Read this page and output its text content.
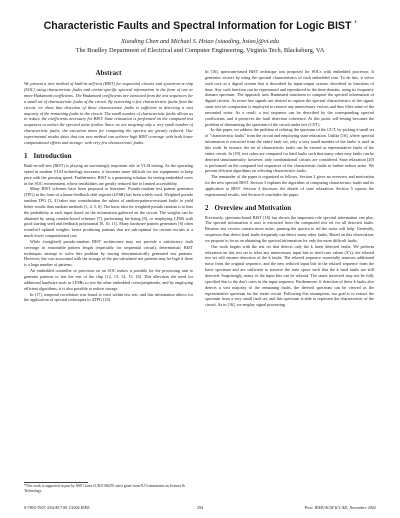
Characteristic Faults and Spectral Information for Logic BIST *
Xiaoding Chen and Michael S. Hsiao {xiaoding, hsiao}@vt.edu
The Bradley Department of Electrical and Computer Engineering, Virginia Tech, Blacksburg, VA
Abstract

We present a new method of built-in-self-test (BIST) for sequential circuits and system-on-a-chip (SOC) using characteristic faults and circuit-specific spectral information in the form of one or more Hadamard coefficients. The Hadamard coefficients are extracted from the test sequences for a small set of characteristic faults of the circuit. By extracting a few characteristic faults from the circuit, we show that detection of these characteristic faults is sufficient in detecting a vast majority of the remaining faults in the circuit. The small number of characteristic faults allows us to reduce the coefficients necessary for BIST. State relaxation is performed on the computed test sequences to reduce the spectral noise further. Since we are targeting only a very small number of characteristic faults, the execution times for computing the spectra are greatly reduced. Our experimental results show that our new method can achieve high BIST coverage with both lower computational efforts and storage, with very few characteristic faults.

1 Introduction

Built-in-self-test (BIST) is playing an increasingly important role in VLSI testing. As the operating speed in modern VLSI technology increases, it becomes more difficult for test equipments to keep pace with the growing speed. Furthermore, BIST is a promising solution for testing embedded cores in the SOC environment, whose testabilities are greatly reduced due to limited accessibility.

Many BIST schemes have been proposed in literature. Pseudo-random test pattern generator (TPG) in the form of a linear-feedback shift register (LFSR) has been widely used. Weighted pseudo random TPG [3, 4] takes into consideration the subset of random-pattern-resistant faults to yield better results than random methods [1, 4, 5, 6]. The basic idea for weighted pseudo random is to bias the probability at each input based on the information gathered on the circuit. The weights can be obtained by using counter-based schemes [7], performing bit-fixing [8], or employing LFSR with good starting seed and feedback polynomial [8, 10, 11]. Many hardware pattern generators [6] often round-off optimal weights, hence producing patterns that are sub-optimal for certain circuits at a much lower computational cost.

While (weighted) pseudo-random BIST architecture may not provide a satisfactory fault coverage in reasonable pattern length (especially for sequential circuit), deterministic BIST techniques attempt to solve this problem by storing deterministically generated test patterns. However, the cost associated with the storage of the pre-calculated test patterns may be high if there is a large number of patterns.

An embedded controller or processor on an SOC makes it possible for the processing unit to generate patterns to test the rest of the chip [12, 13, 14, 15, 16]. This alleviates the need for additional hardware such as LFSRs to test the other embedded cores/peripherals, and by employing efficient algorithms, it is also possible to reduce storage.

In [17], temporal correlation was found to exist within test sets, and this information allows for the application of spectral techniques to ATPG [18].

In [16], spectrum-based BIST technique was proposed for SOCs with embedded processor. It generates vectors by using the spectral characteristics of each embedded core. To do this, it views each core as a digital system that is described by input-output system, described as functions of time. Any such function can be represented and reproduced in the time-domain, using its frequency domain spectrum. The approach uses Hadamard transform to compute the spectral information of digital circuits. As noise-free signals are desired to capture the spectral characteristics of the signal, static test set compaction is employed to remove any unnecessary vectors and thus filter some of the unwanted noise. As a result, a test sequence can be described by the corresponding spectral coefficients, and it preserves the fault detection coherence. At this point, self-testing becomes the problem of determining the spectrum of the circuit under test (CUT).

In this paper, we address the problem of refining the spectrum of the CUT, by picking a small set of "characteristic faults" from the circuit and employing state relaxation. Unlike [16], where spectral information is extracted from the entire fault set, only a very small number of the faults is used in this work. In essence, the set of characteristic faults can be viewed as representative faults of the entire circuit. In [18], test cubes are computed for hard faults such that many other easy faults can be detected simultaneously; however, only combinational circuits are considered. State relaxation [20] is performed on the computed test sequences of the characteristic faults to further reduce noise. We present efficient algorithms on selecting characteristic faults.

The remainder of the paper is organized as follows. Section 2 gives an overview and motivation for the new spectral BIST. Section 3 explains the algorithm of computing characteristic faults and its application to BIST. Section 4 discusses the details of state relaxation. Section 5 reports the experimental results, and Section 6 concludes the paper.

2 Overview and Motivation

Previously, spectrum-based BIST [16] has shown the important role spectral information can play. The spectral information it uses is extracted from the compacted test set for all detected faults. Because test vectors contain more noise, pruning the spectra to rid the noise will help. Generally, sequences that detect hard faults frequently can detect many other faults. Based on this observation, we propose to focus on obtaining the spectral information for only the more difficult faults.

Our work begins with the test set that detects only the k latest detected faults. We perform relaxation on this test set to relax any unnecessary input bits to don't-care values (X's); the relaxed test set still ensures detection of the k faults. The relaxed sequence essentially removes additional noise from the original sequence, and the new reduced input bits in the relaxed sequence form the basic spectrum and are sufficient to traverse the state space such that the k hard faults are still detected. Surprisingly, many of the input bits can be relaxed. The states traversed may not be fully specified due to the don't cares in the input sequence. Furthermore, if detection of these k faults also detects a vast majority of the remaining faults, the derived spectrum can be viewed as the representative spectrum for the entire circuit. Following this assumption, our goal is to extract the spectrum from a very small fault set, and this spectrum is able to represent the characteristic of the circuit. As in [16], we employ signal processing

*This work is supported in part by NSF Grant CCR-0196470 and a grant from NJ Commission on Science & Technology.
0-7803-7607-2/02/$17.00 ©2002 IEEE	294	Proc. IEEE/ACM ICCAD, November 2002
